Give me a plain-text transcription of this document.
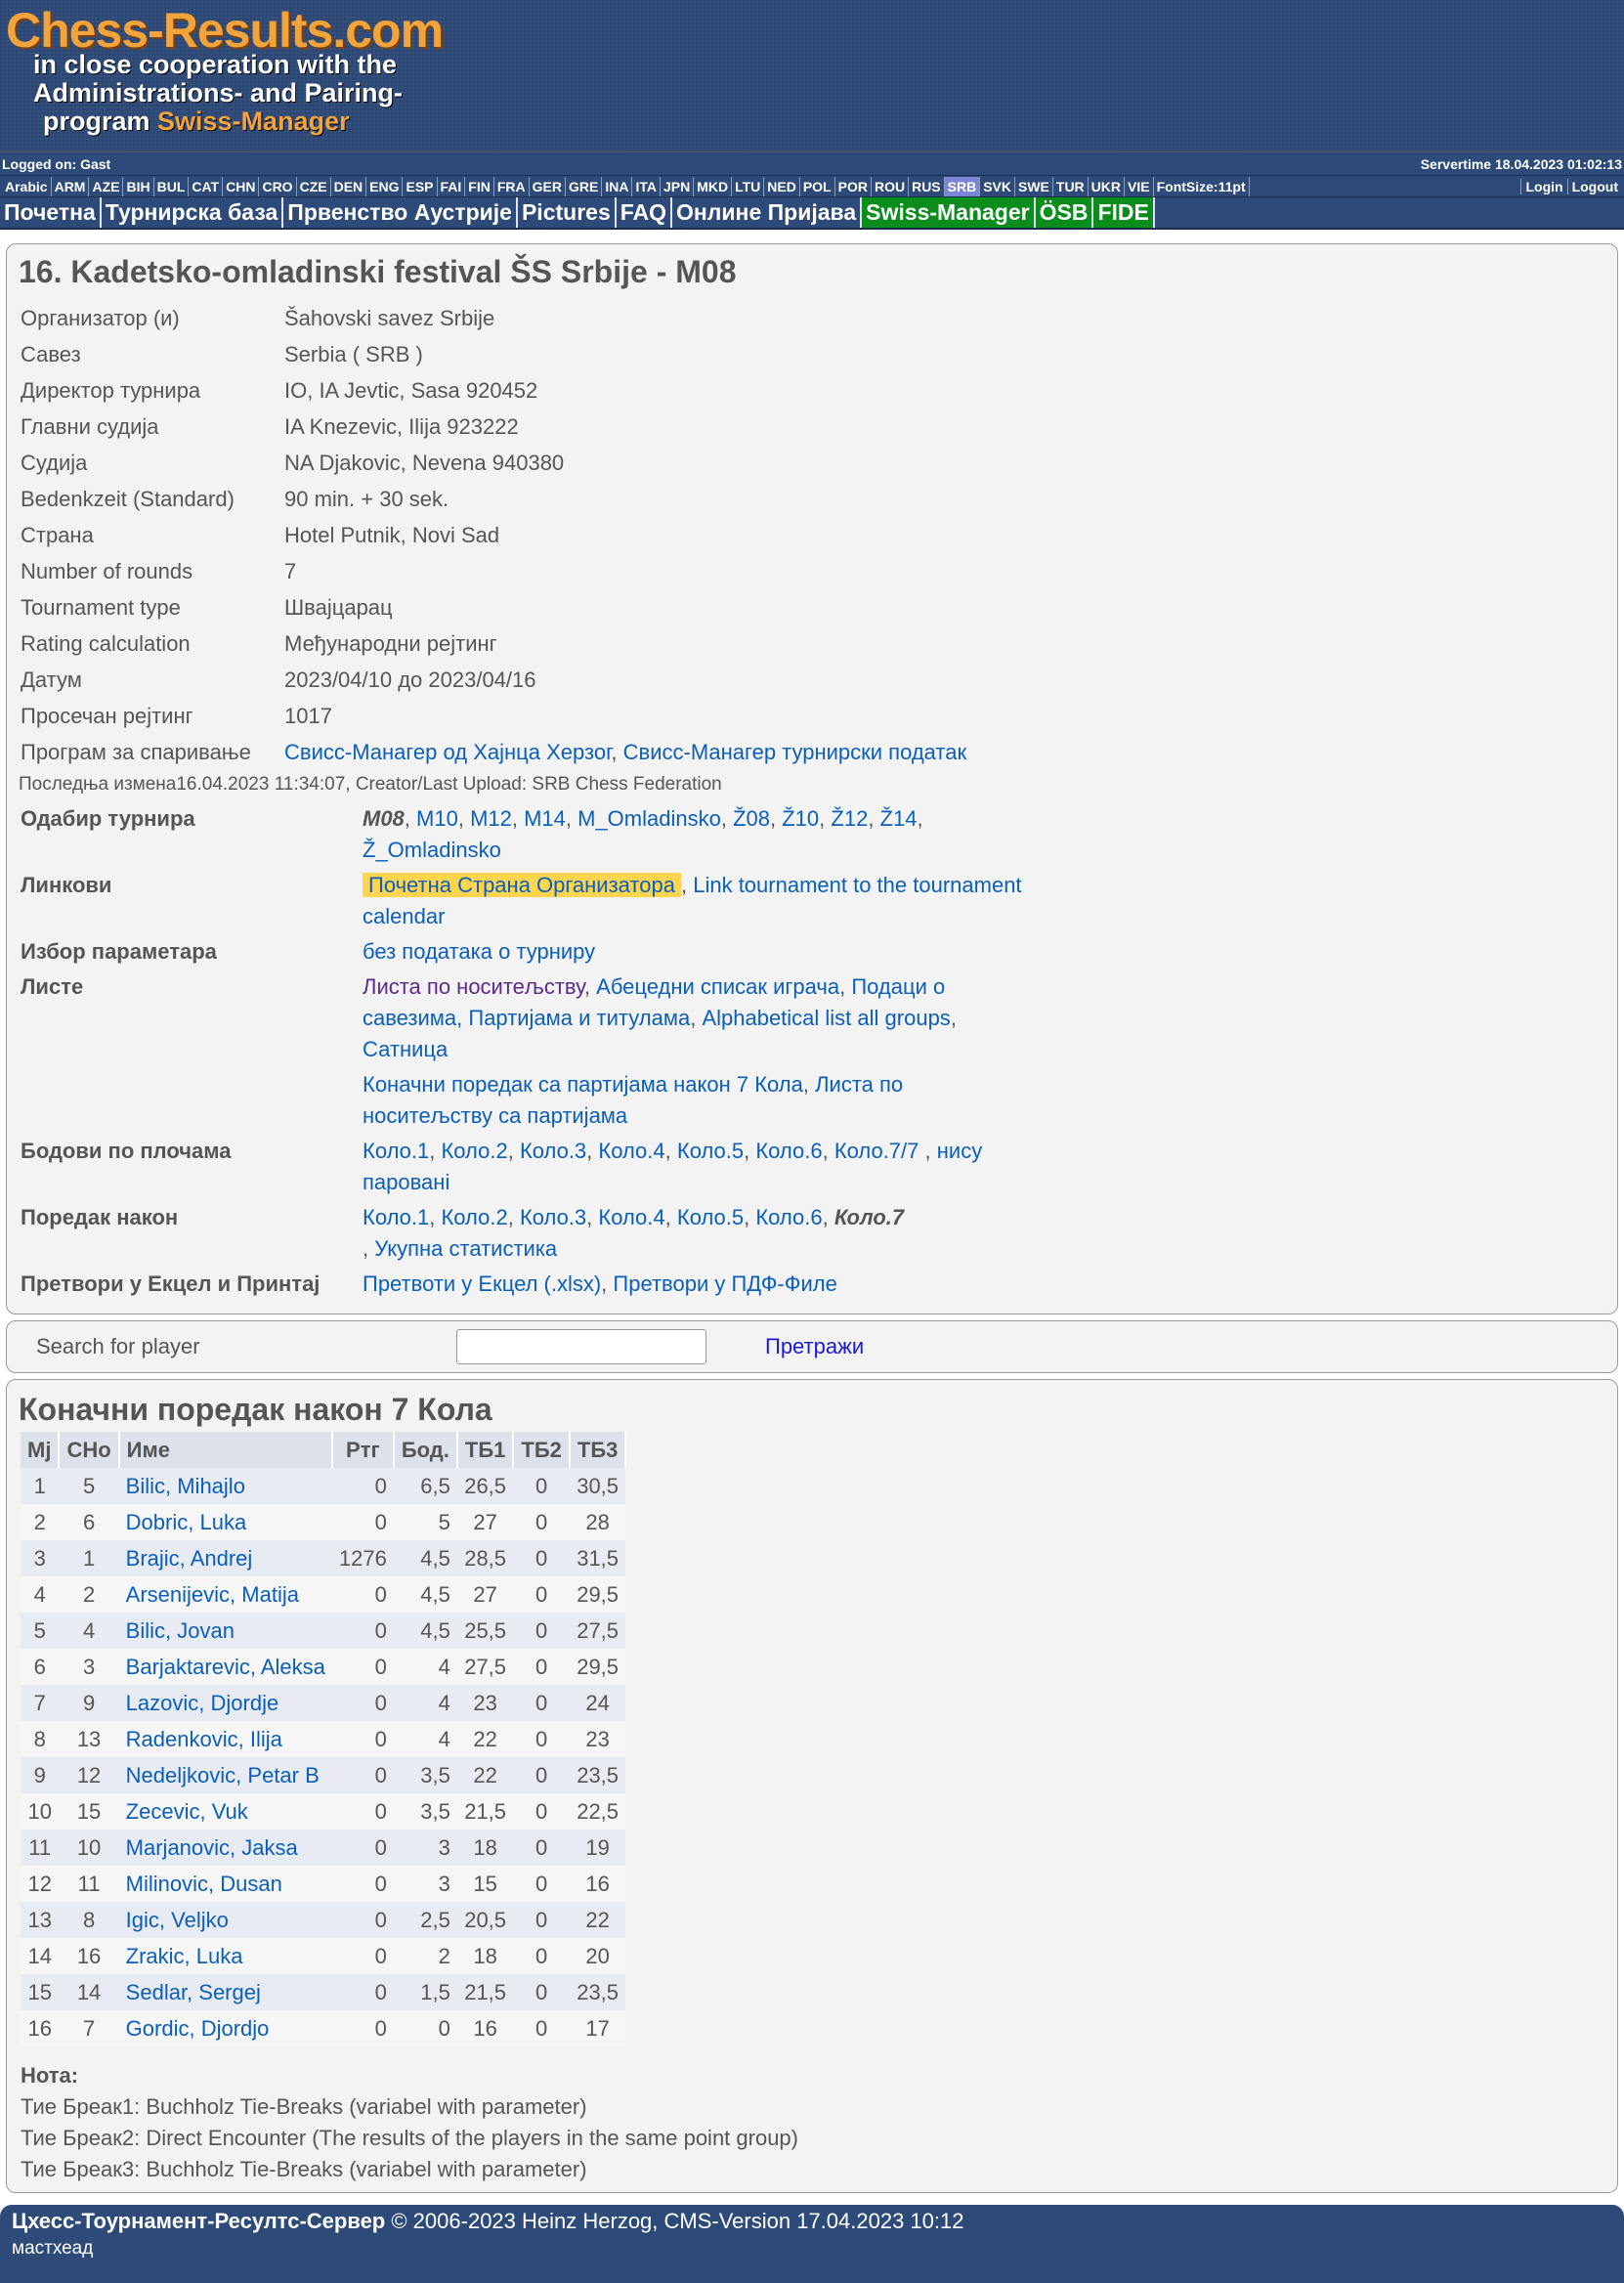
Chess-Results.com
in close cooperation with the
Administrations- and Pairing-
program Swiss-Manager
Logged on: Gast	Servertime 18.04.2023 01:02:13
Arabic ARM AZE BIH BUL CAT CHN CRO CZE DEN ENG ESP FAI FIN FRA GER GRE INA ITA JPN MKD LTU NED POL POR ROU RUS SRB SVK SWE TUR UKR VIE FontSize:11pt	Login Logout
Почетна Турнирска база Првенство Аустрије Pictures FAQ Онлине Пријава Swiss-Manager ÖSB FIDE
16. Kadetsko-omladinski festival ŠS Srbije - M08
Организатор (и)	Šahovski savez Srbije
Савез	Serbia ( SRB )
Директор турнира	IO, IA Jevtic, Sasa 920452
Главни судија	IA Knezevic, Ilija 923222
Судија	NA Djakovic, Nevena 940380
Bedenkzeit (Standard)	90 min. + 30 sek.
Страна	Hotel Putnik, Novi Sad
Number of rounds	7
Tournament type	Швајцарац
Rating calculation	Међународни рејтинг
Датум	2023/04/10 до 2023/04/16
Просечан рејтинг	1017
Програм за спаривање	Свисс-Манагер од Хајнца Херзог, Свисс-Манагер турнирски податак
Последња измена16.04.2023 11:34:07, Creator/Last Upload: SRB Chess Federation
Одабир турнира	M08, M10, M12, M14, M_Omladinsko, Ž08, Ž10, Ž12, Ž14, Ž_Omladinsko
Линкови	Почетна Страна Организатора , Link tournament to the tournament calendar
Избор параметара	без података о турниру
Листе	Листа по носитељству, Абецедни списак играча, Подаци о савезима, Партијама и титулама, Alphabetical list all groups, Сатница
Коначни поредак са партијама након 7 Кола, Листа по носитељству са партијама

Бодови по плочама	Коло.1, Коло.2, Коло.3, Коло.4, Коло.5, Коло.6, Коло.7/7 , нису парованi
Поредак након	Коло.1, Коло.2, Коло.3, Коло.4, Коло.5, Коло.6, Коло.7
, Укупна статистика
Претвори у Екцел и Принтај	Претвоти у Екцел (.xlsx), Претвори у ПДФ-Филе
Search for player	Претражи
Коначни поредак након 7 Кола
Mj	СНо	Име	Ртг	Бод.	ТБ1	ТБ2	ТБ3
1	5	Bilic, Mihajlo	0	6,5	26,5	0	30,5
2	6	Dobric, Luka	0	5	27	0	28
3	1	Brajic, Andrej	1276	4,5	28,5	0	31,5
4	2	Arsenijevic, Matija	0	4,5	27	0	29,5
5	4	Bilic, Jovan	0	4,5	25,5	0	27,5
6	3	Barjaktarevic, Aleksa	0	4	27,5	0	29,5
7	9	Lazovic, Djordje	0	4	23	0	24
8	13	Radenkovic, Ilija	0	4	22	0	23
9	12	Nedeljkovic, Petar B	0	3,5	22	0	23,5
10	15	Zecevic, Vuk	0	3,5	21,5	0	22,5
11	10	Marjanovic, Jaksa	0	3	18	0	19
12	11	Milinovic, Dusan	0	3	15	0	16
13	8	Igic, Veljko	0	2,5	20,5	0	22
14	16	Zrakic, Luka	0	2	18	0	20
15	14	Sedlar, Sergej	0	1,5	21,5	0	23,5
16	7	Gordic, Djordjo	0	0	16	0	17
Нота:
Тие Бреак1: Buchholz Tie-Breaks (variabel with parameter)
Тие Бреак2: Direct Encounter (The results of the players in the same point group)
Тие Бреак3: Buchholz Tie-Breaks (variabel with parameter)
Цхесс-Тоурнамент-Ресултс-Сервер © 2006-2023 Heinz Herzog, CMS-Version 17.04.2023 10:12
мастхеад
